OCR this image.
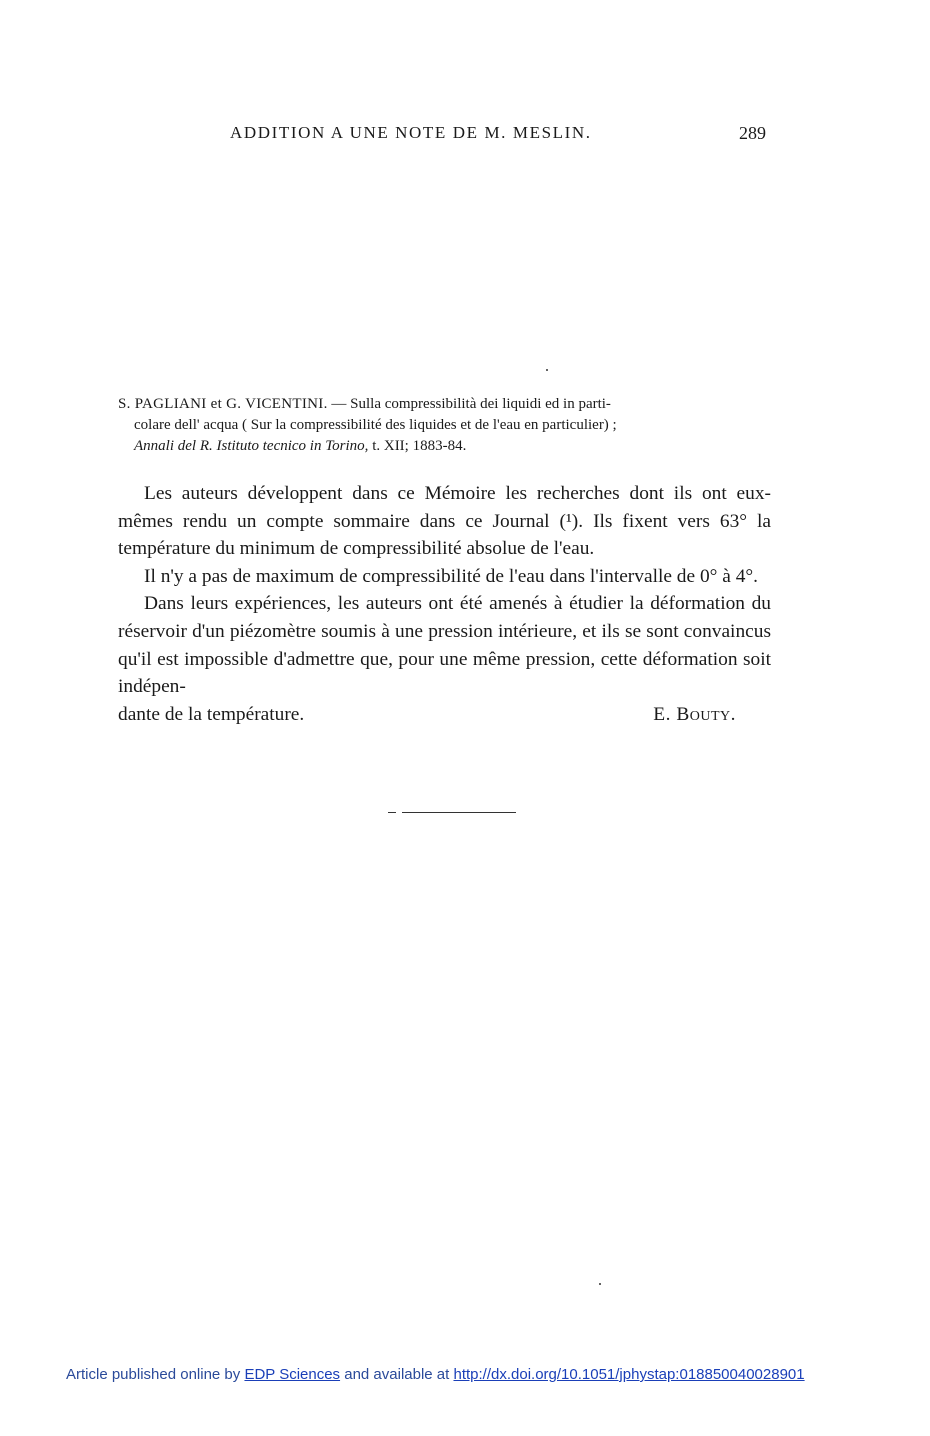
ADDITION A UNE NOTE DE M. MESLIN.	289
S. PAGLIANI et G. VICENTINI. — Sulla compressibilità dei liquidi ed in parti-
colare dell' acqua ( Sur la compressibilité des liquides et de l'eau en particulier) ;
Annali del R. Istituto tecnico in Torino, t. XII; 1883-84.

Les auteurs développent dans ce Mémoire les recherches dont ils ont eux-mêmes rendu un compte sommaire dans ce Journal (¹). Ils fixent vers 63° la température du minimum de compressibilité absolue de l'eau.

Il n'y a pas de maximum de compressibilité de l'eau dans l'intervalle de 0° à 4°.

Dans leurs expériences, les auteurs ont été amenés à étudier la déformation du réservoir d'un piézomètre soumis à une pression intérieure, et ils se sont convaincus qu'il est impossible d'admettre que, pour une même pression, cette déformation soit indépen-

dante de la température.	E. Bouty.
Article published online by EDP Sciences and available at http://dx.doi.org/10.1051/jphystap:018850040028901
